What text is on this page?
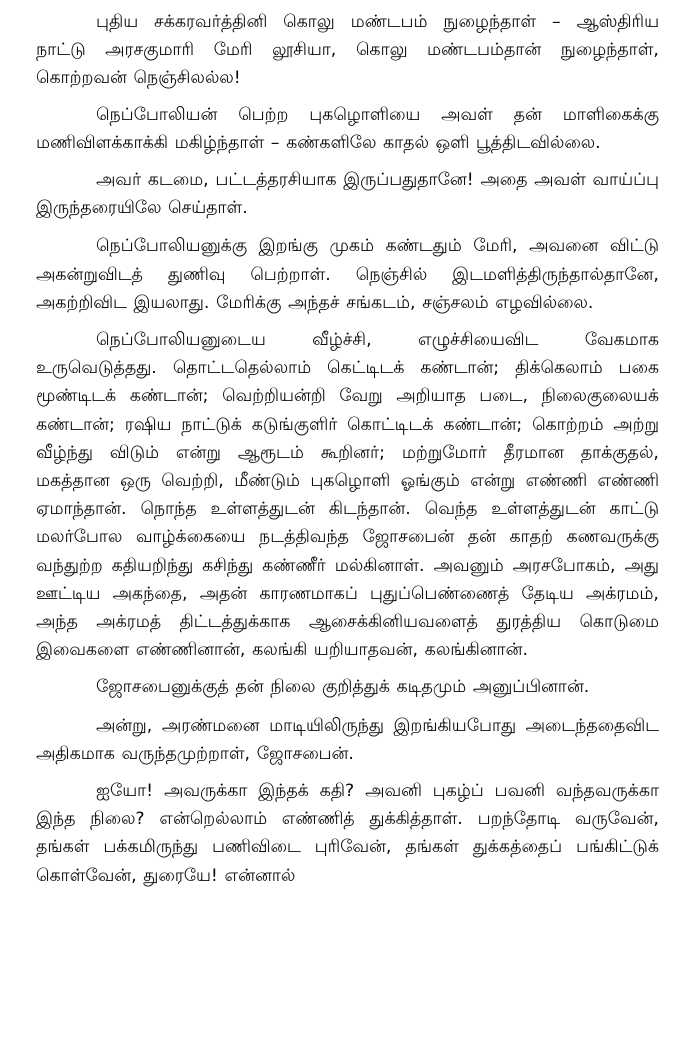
புதிய சக்கரவர்த்தினி கொலு மண்டபம் நுழைந்தாள் – ஆஸ்திரிய நாட்டு அரசகுமாரி மேரி லூசியா, கொலு மண்டபம்தான் நுழைந்தாள், கொற்றவன் நெஞ்சிலல்ல!

நெப்போலியன் பெற்ற புகழொளியை அவள் தன் மாளிகைக்கு மணிவிளக்காக்கி மகிழ்ந்தாள் – கண்களிலே காதல் ஒளி பூத்திடவில்லை.

அவர் கடமை, பட்டத்தரசியாக இருப்பதுதானே! அதை அவள் வாய்ப்பு இருந்தரையிலே செய்தாள்.

நெப்போலியனுக்கு இறங்கு முகம் கண்டதும் மேரி, அவனை விட்டு அகன்றுவிடத் துணிவு பெற்றாள். நெஞ்சில் இடமளித்திருந்தால்தானே, அகற்றிவிட இயலாது. மேரிக்கு அந்தச் சங்கடம், சஞ்சலம் எழவில்லை.

நெப்போலியனுடைய வீழ்ச்சி, எழுச்சியைவிட வேகமாக உருவெடுத்தது. தொட்டதெல்லாம் கெட்டிடக் கண்டான்; திக்கெலாம் பகை மூண்டிடக் கண்டான்; வெற்றியன்றி வேறு அறியாத படை, நிலைகுலையக் கண்டான்; ரஷிய நாட்டுக் கடுங்குளிர் கொட்டிடக் கண்டான்; கொற்றம் அற்று வீழ்ந்து விடும் என்று ஆரூடம் கூறினர்; மற்றுமோர் தீரமான தாக்குதல், மகத்தான ஒரு வெற்றி, மீண்டும் புகழொளி ஓங்கும் என்று எண்ணி எண்ணி ஏமாந்தான். நொந்த உள்ளத்துடன் கிடந்தான். வெந்த உள்ளத்துடன் காட்டு மலர்போல வாழ்க்கையை நடத்திவந்த ஜோசபைன் தன் காதற் கணவருக்கு வந்துற்ற கதியறிந்து கசிந்து கண்ணீர் மல்கினாள். அவனும் அரசபோகம், அது ஊட்டிய அகந்தை, அதன் காரணமாகப் புதுப்பெண்ணைத் தேடிய அக்ரமம், அந்த அக்ரமத் திட்டத்துக்காக ஆசைக்கினியவளைத் துரத்திய கொடுமை இவைகளை எண்ணினான், கலங்கி யறியாதவன், கலங்கினான்.

ஜோசபைனுக்குத் தன் நிலை குறித்துக் கடிதமும் அனுப்பினான்.

அன்று, அரண்மனை மாடியிலிருந்து இறங்கியபோது அடைந்ததைவிட அதிகமாக வருந்தமுற்றாள், ஜோசபைன்.

ஐயோ! அவருக்கா இந்தக் கதி? அவனி புகழ்ப் பவனி வந்தவருக்கா இந்த நிலை? என்றெல்லாம் எண்ணித் துக்கித்தாள். பறந்தோடி வருவேன், தங்கள் பக்கமிருந்து பணிவிடை புரிவேன், தங்கள் துக்கத்தைப் பங்கிட்டுக் கொள்வேன், துரையே! என்னால்
